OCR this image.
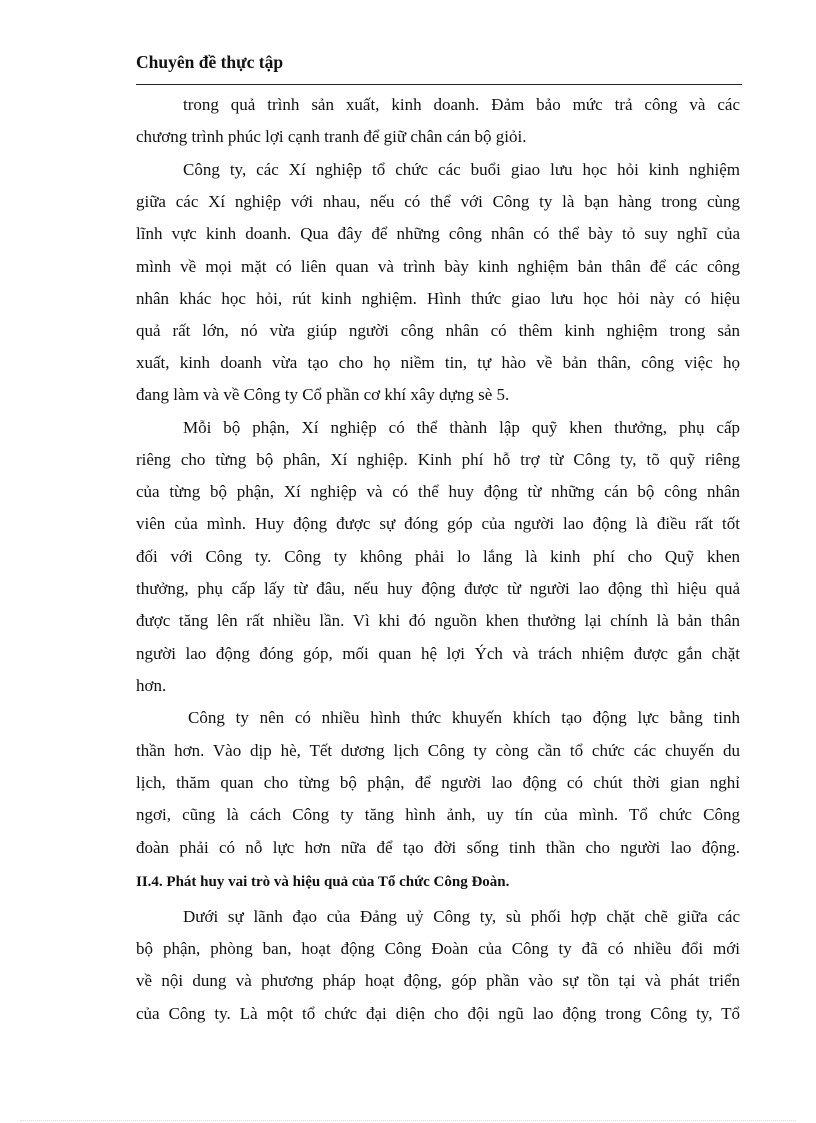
Chuyên đề thực tập
trong quả trình sản xuất, kinh doanh. Đảm bảo mức trả công và các
chương trình phúc lợi cạnh tranh để giữ chân cán bộ giỏi.
Công ty, các Xí nghiệp tổ chức các buổi giao lưu học hỏi kinh nghiệm
giữa các Xí nghiệp với nhau, nếu có thể với Công ty là bạn hàng trong cùng
lĩnh vực kinh doanh. Qua đây để những công nhân có thể bày tỏ suy nghĩ của
mình về mọi mặt có liên quan và trình bày kinh nghiệm bản thân để các công
nhân khác học hỏi, rút kinh nghiệm. Hình thức giao lưu học hỏi này có hiệu
quả rất lớn, nó vừa giúp người công nhân có thêm kinh nghiệm trong sản
xuất, kinh doanh vừa tạo cho họ niềm tin, tự hào về bản thân, công việc họ
đang làm và về Công ty Cổ phần cơ khí xây dựng sè 5.
Mỗi bộ phận, Xí nghiệp có thể thành lập quỹ khen thưởng, phụ cấp
riêng cho từng bộ phân, Xí nghiệp. Kinh phí hỗ trợ từ Công ty, tõ quỹ riêng
của từng bộ phận, Xí nghiệp và có thể huy động từ những cán bộ công nhân
viên của mình. Huy động được sự đóng góp của người lao động là điều rất tốt
đối với Công ty. Công ty không phải lo lắng là kinh phí cho Quỹ khen
thưởng, phụ cấp lấy từ đâu, nếu huy động được từ người lao động thì hiệu quả
được tăng lên rất nhiều lần. Vì khi đó nguồn khen thưởng lại chính là bản thân
người lao động đóng góp, mối quan hệ lợi Ých và trách nhiệm được gắn chặt
hơn.
Công ty nên có nhiều hình thức khuyến khích tạo động lực bằng tinh
thần hơn. Vào dịp hè, Tết dương lịch Công ty còng cần tổ chức các chuyến du
lịch, thăm quan cho từng bộ phận, để người lao động có chút thời gian nghỉ
ngơi, cũng là cách Công ty tăng hình ảnh, uy tín của mình. Tổ chức Công
đoàn phải có nỗ lực hơn nữa để tạo đời sống tinh thần cho người lao động.
II.4. Phát huy vai trò và hiệu quả của Tổ chức Công Đoàn.
Dưới sự lãnh đạo của Đảng uỷ Công ty, sù phối hợp chặt chẽ giữa các
bộ phận, phòng ban, hoạt động Công Đoàn của Công ty đã có nhiều đổi mới
về nội dung và phương pháp hoạt động, góp phần vào sự tồn tại và phát triển
của Công ty. Là một tổ chức đại diện cho đội ngũ lao động trong Công ty, Tổ
